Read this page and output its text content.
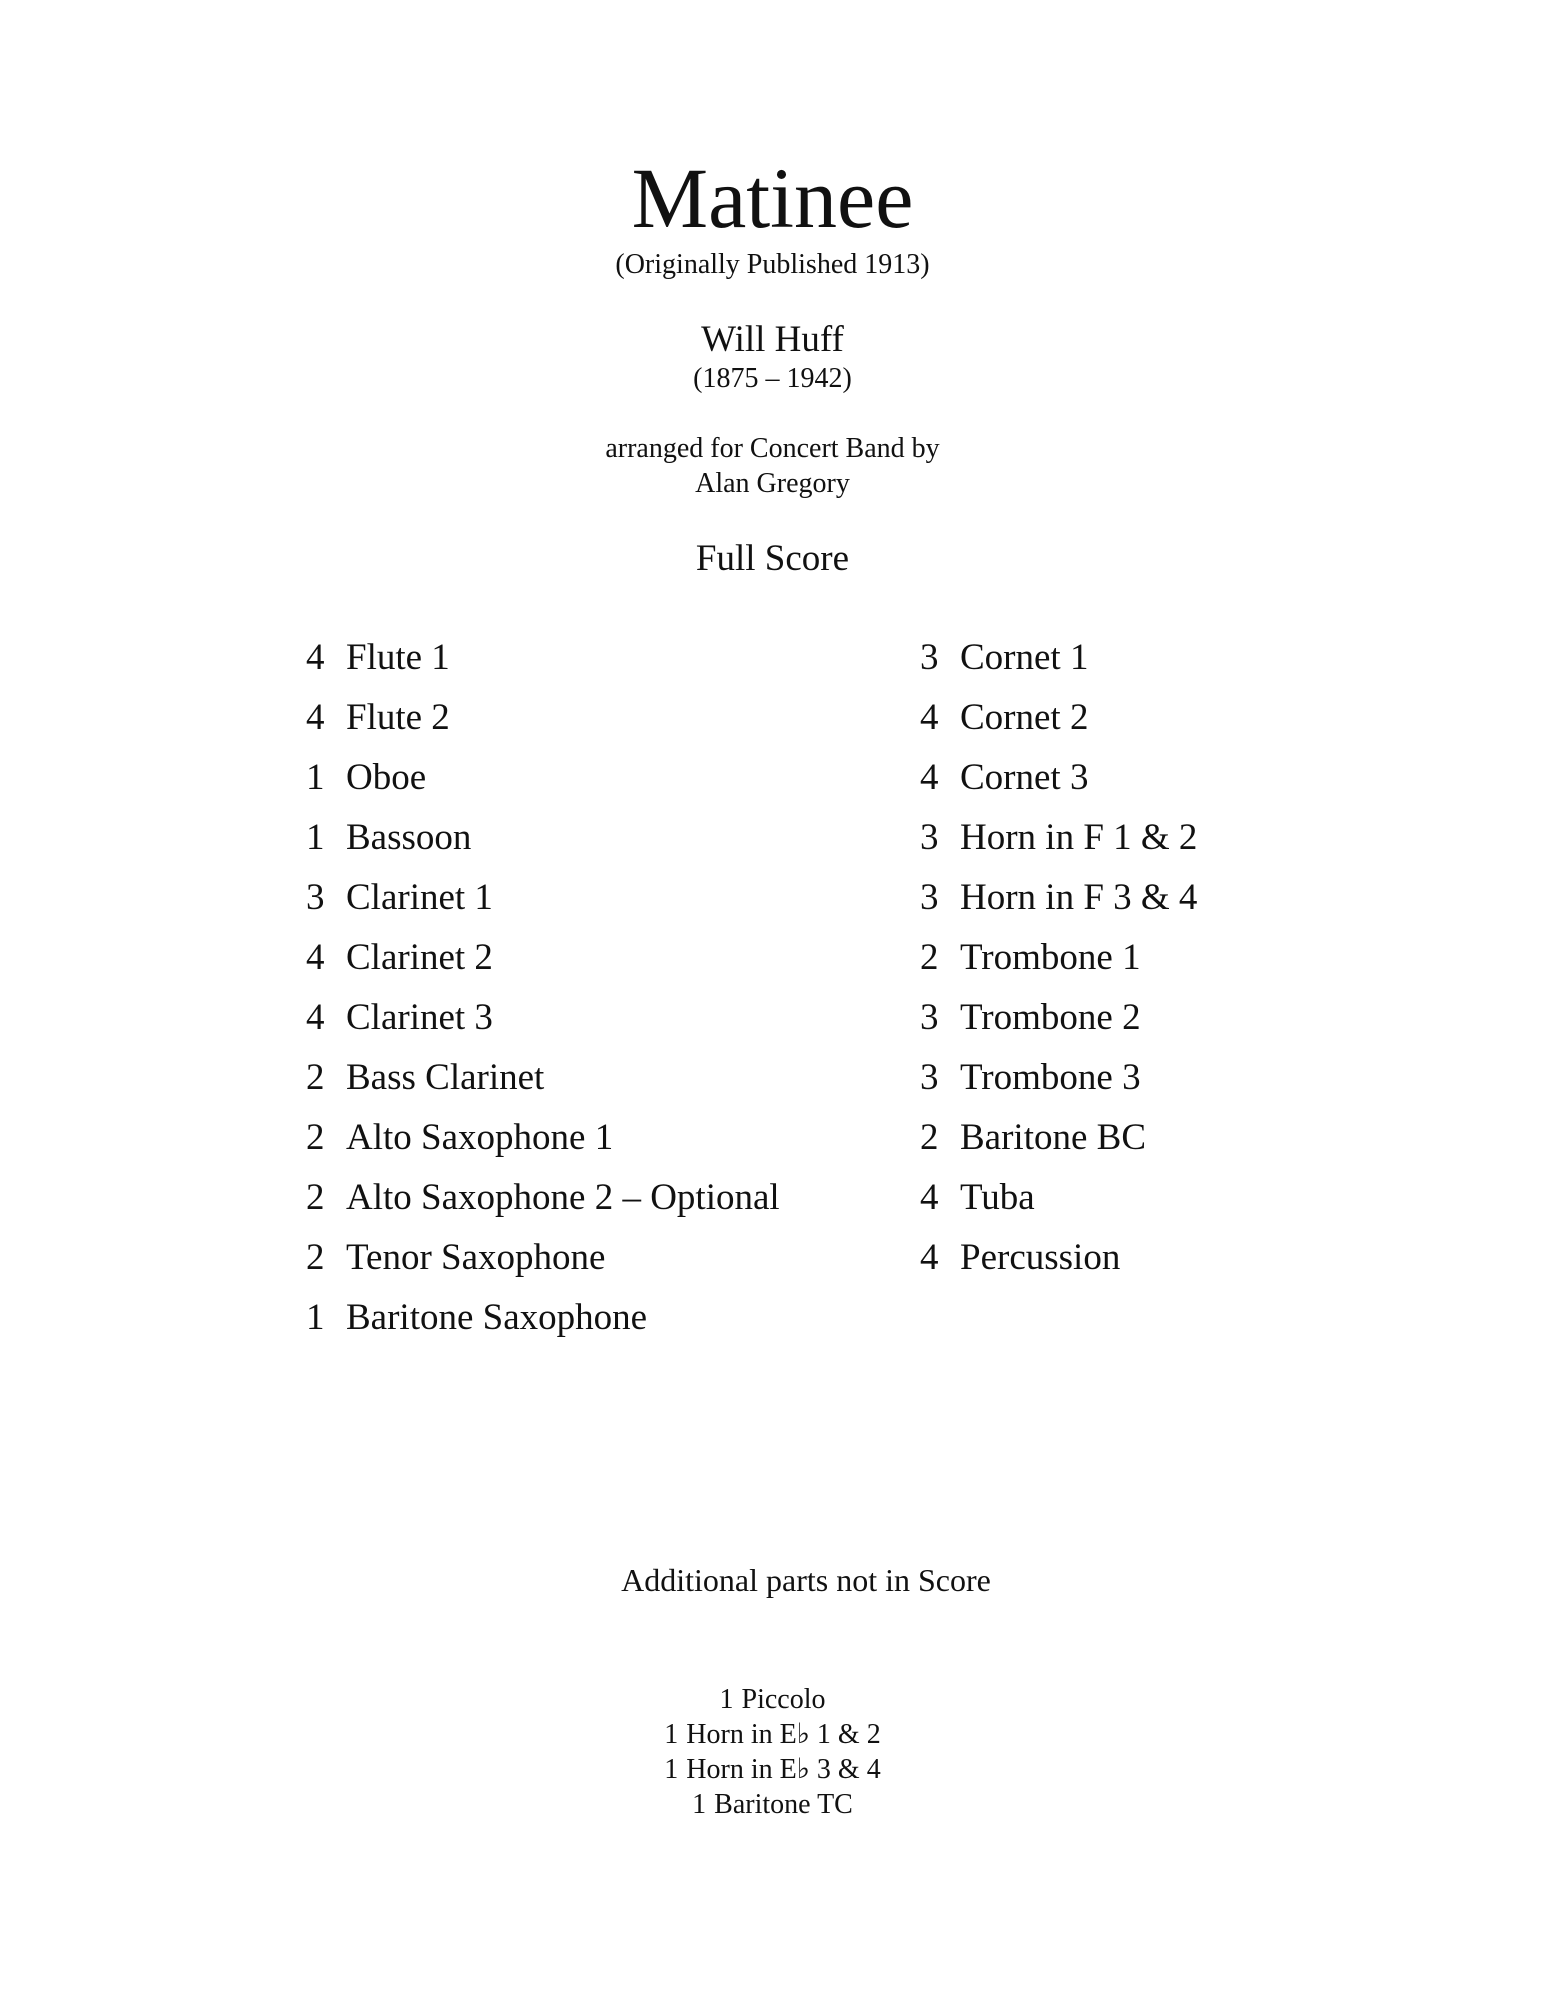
Matinee
(Originally Published 1913)
Will Huff
(1875 – 1942)
arranged for Concert Band by
Alan Gregory
Full Score
4 Flute 1
4 Flute 2
1 Oboe
1 Bassoon
3 Clarinet 1
4 Clarinet 2
4 Clarinet 3
2 Bass Clarinet
2 Alto Saxophone 1
2 Alto Saxophone 2 – Optional
2 Tenor Saxophone
1 Baritone Saxophone
3 Cornet 1
4 Cornet 2
4 Cornet 3
3 Horn in F 1 & 2
3 Horn in F 3 & 4
2 Trombone 1
3 Trombone 2
3 Trombone 3
2 Baritone BC
4 Tuba
4 Percussion
Additional parts not in Score
1 Piccolo
1 Horn in E♭ 1 & 2
1 Horn in E♭ 3 & 4
1 Baritone TC
